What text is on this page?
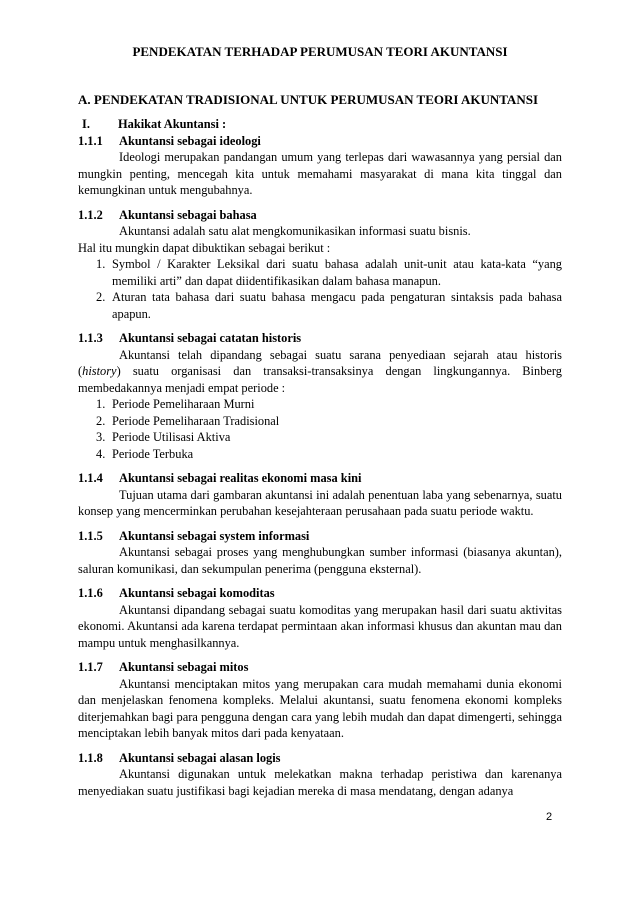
PENDEKATAN TERHADAP PERUMUSAN TEORI AKUNTANSI
A. PENDEKATAN TRADISIONAL UNTUK PERUMUSAN TEORI AKUNTANSI
I. Hakikat Akuntansi :
1.1.1 Akuntansi sebagai ideologi

Ideologi merupakan pandangan umum yang terlepas dari wawasannya yang persial dan mungkin penting, mencegah kita untuk memahami masyarakat di mana kita tinggal dan kemungkinan untuk mengubahnya.

1.1.2 Akuntansi sebagai bahasa

Akuntansi adalah satu alat mengkomunikasikan informasi suatu bisnis.

Hal itu mungkin dapat dibuktikan sebagai berikut :

1. Symbol / Karakter Leksikal dari suatu bahasa adalah unit-unit atau kata-kata “yang memiliki arti” dan dapat diidentifikasikan dalam bahasa manapun.
2. Aturan tata bahasa dari suatu bahasa mengacu pada pengaturan sintaksis pada bahasa apapun.
1.1.3 Akuntansi sebagai catatan historis

Akuntansi telah dipandang sebagai suatu sarana penyediaan sejarah atau historis (history) suatu organisasi dan transaksi-transaksinya dengan lingkungannya. Binberg membedakannya menjadi empat periode :

1. Periode Pemeliharaan Murni
2. Periode Pemeliharaan Tradisional
3. Periode Utilisasi Aktiva
4. Periode Terbuka
1.1.4 Akuntansi sebagai realitas ekonomi masa kini

Tujuan utama dari gambaran akuntansi ini adalah penentuan laba yang sebenarnya, suatu konsep yang mencerminkan perubahan kesejahteraan perusahaan pada suatu periode waktu.

1.1.5 Akuntansi sebagai system informasi

Akuntansi sebagai proses yang menghubungkan sumber informasi (biasanya akuntan), saluran komunikasi, dan sekumpulan penerima (pengguna eksternal).

1.1.6 Akuntansi sebagai komoditas

Akuntansi dipandang sebagai suatu komoditas yang merupakan hasil dari suatu aktivitas ekonomi. Akuntansi ada karena terdapat permintaan akan informasi khusus dan akuntan mau dan mampu untuk menghasilkannya.

1.1.7 Akuntansi sebagai mitos

Akuntansi menciptakan mitos yang merupakan cara mudah memahami dunia ekonomi dan menjelaskan fenomena kompleks. Melalui akuntansi, suatu fenomena ekonomi kompleks diterjemahkan bagi para pengguna dengan cara yang lebih mudah dan dapat dimengerti, sehingga menciptakan lebih banyak mitos dari pada kenyataan.

1.1.8 Akuntansi sebagai alasan logis

Akuntansi digunakan untuk melekatkan makna terhadap peristiwa dan karenanya menyediakan suatu justifikasi bagi kejadian mereka di masa mendatang, dengan adanya

2
